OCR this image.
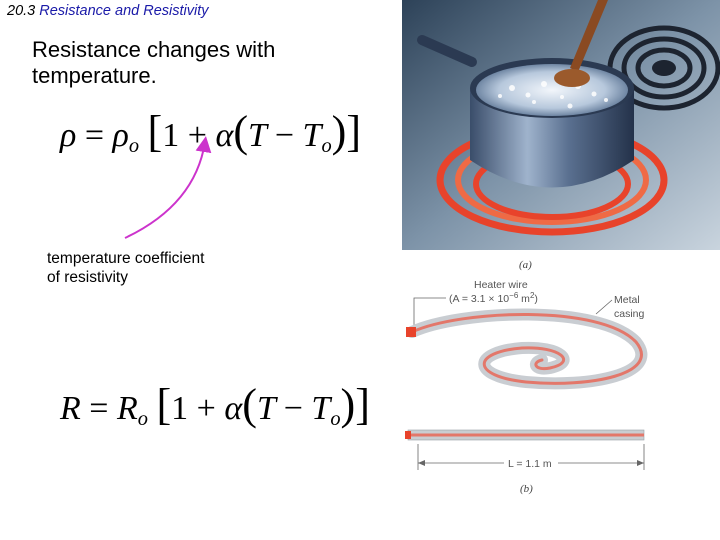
20.3 Resistance and Resistivity
Resistance changes with temperature.
$\rho = \rho_o$ $[1 + \alpha(T - T_o)]$
temperature coefficient
of resistivity
$R = R_o$ $[1 + \alpha(T - T_o)]$
(a)
Heater wire
($A = 3.1 \times 10^{-6}$ $m^2$)	Metal
casing
L = 1.1 m
(b)
